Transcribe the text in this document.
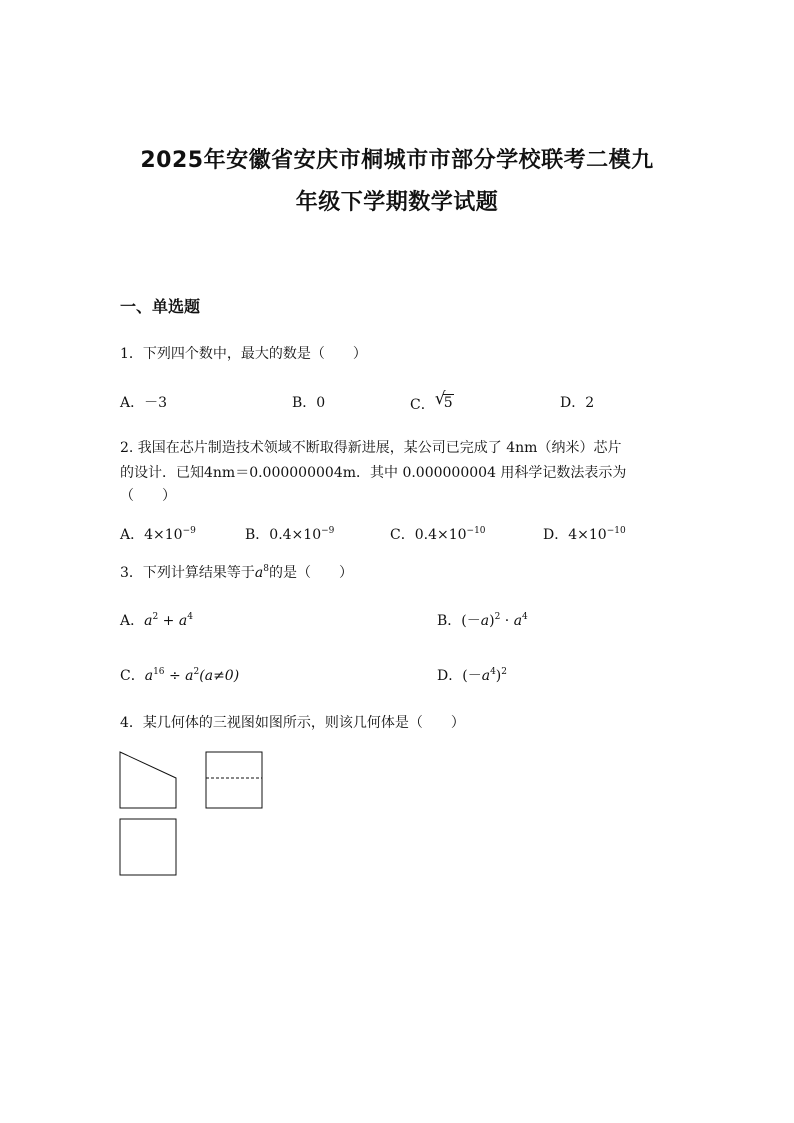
2025年安徽省安庆市桐城市市部分学校联考二模九
年级下学期数学试题
一、单选题
1．下列四个数中，最大的数是（　　）
A．－3	B．0	C． √
5	D．2
2. 我国在芯片制造技术领域不断取得新进展，某公司已完成了 4nm（纳米）芯片
的设计．已知4nm＝0.000000004m．其中 0.000000004 用科学记数法表示为
（　　）
A．$4\times 10^{-9}$	B．$0.4\times 10^{-9}$	C．$0.4\times 10^{-10}$	D．$4\times 10^{-10}$
3．下列计算结果等于$a^8$的是（　　）
A．$a^2 + a^4$	B．$(-a)^2 \cdot a^4$
C．$a^{16} \div a^2(a\ne 0)$	D．$(-a^4)^2$
4．某几何体的三视图如图所示，则该几何体是（　　）
